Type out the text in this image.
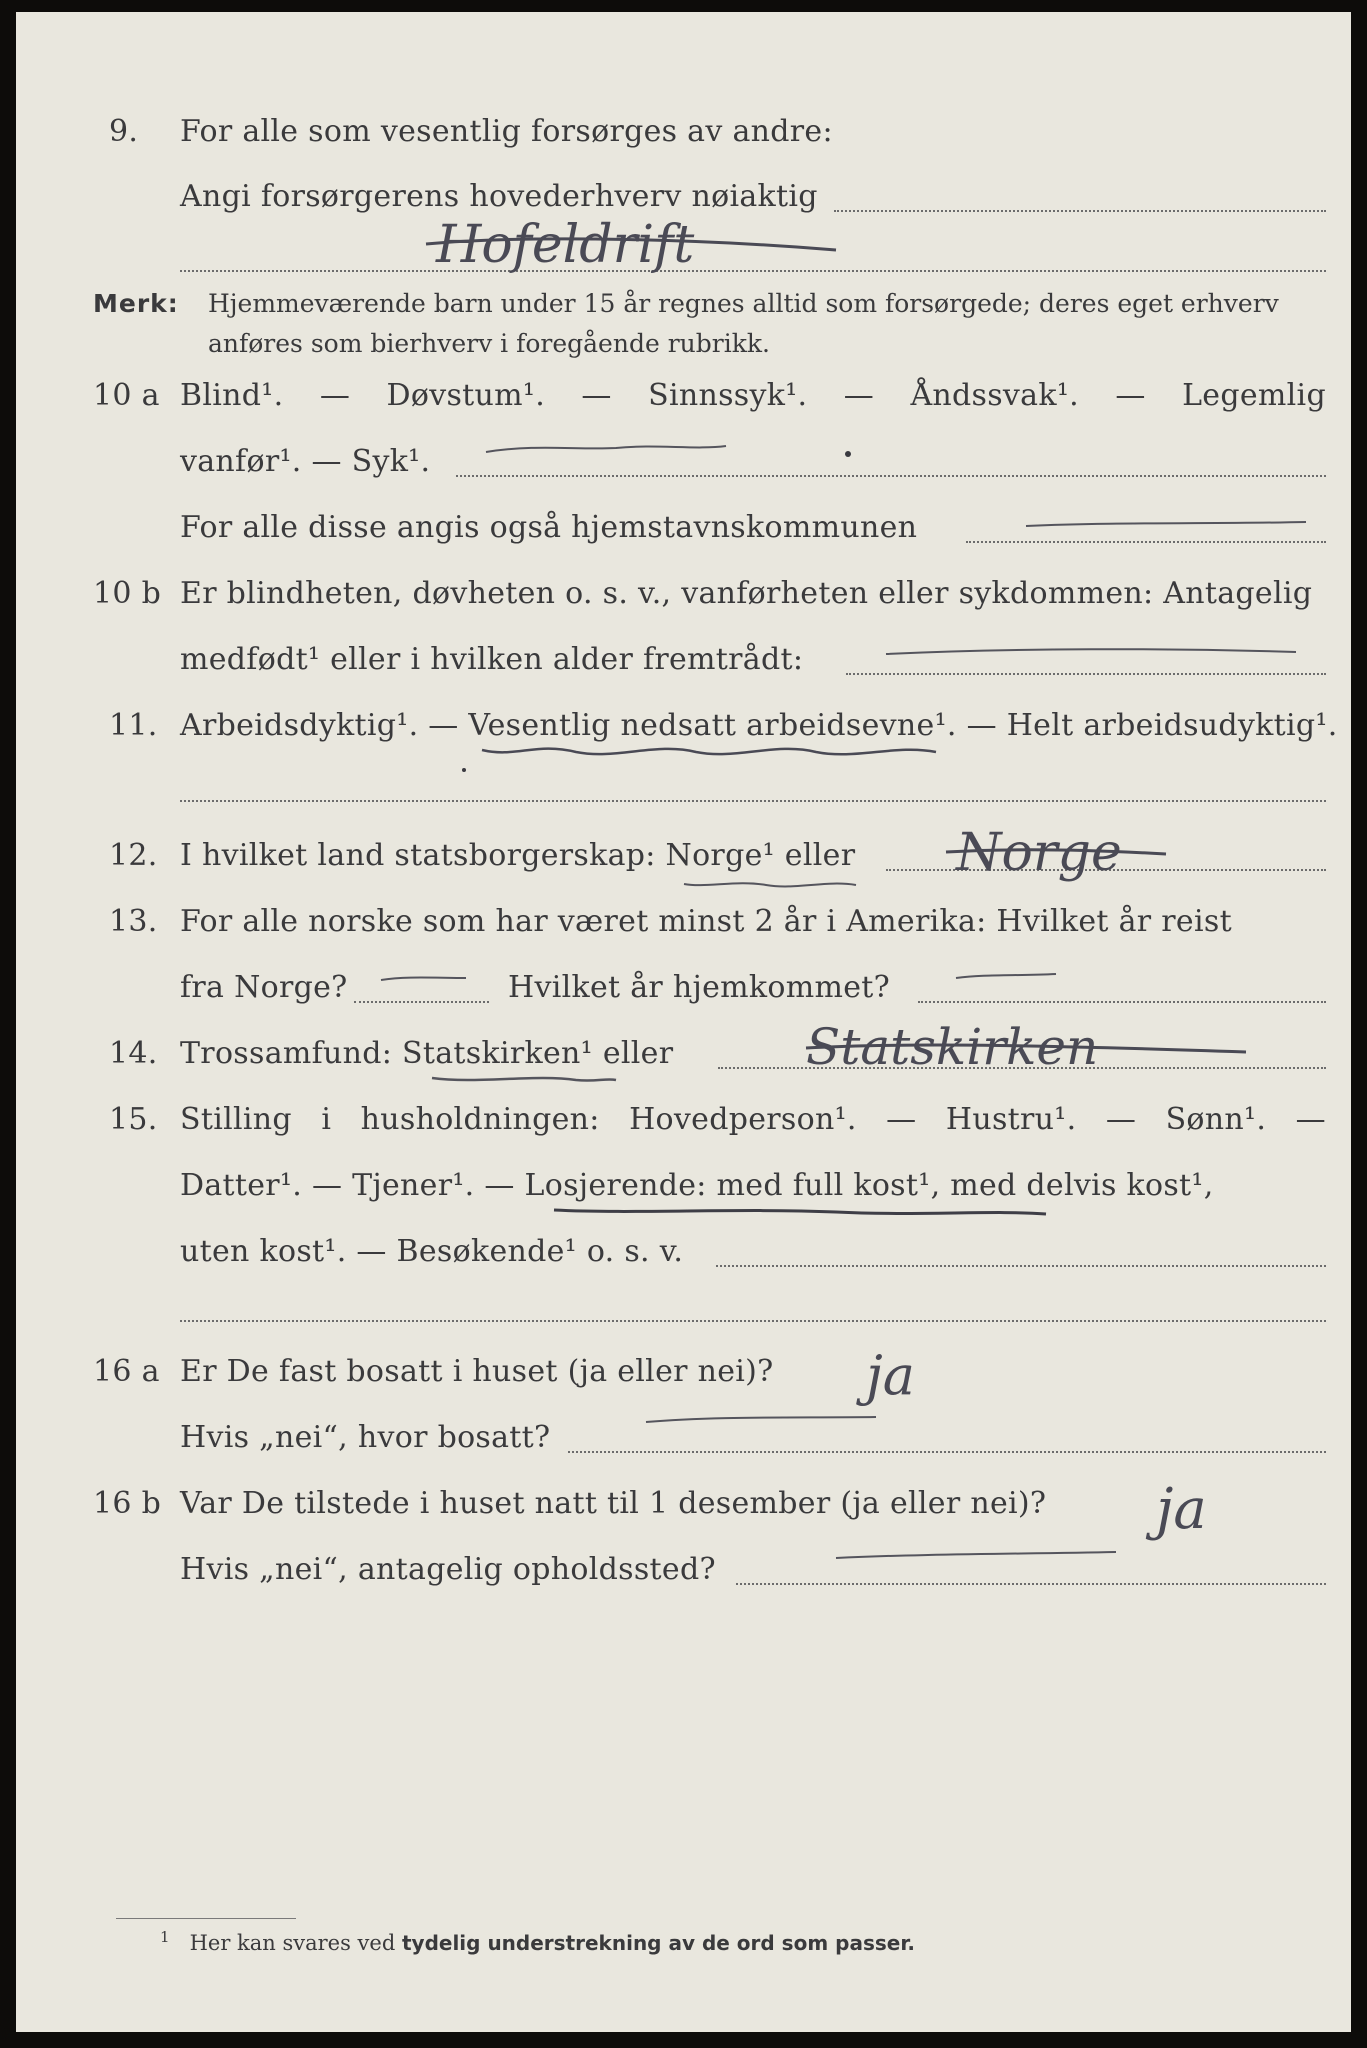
9. For alle som vesentlig forsørges av andre:
Angi forsørgerens hovederhverv nøiaktig
Merk: Hjemmeværende barn under 15 år regnes alltid som forsørgede; deres eget erhverv
anføres som bierhverv i foregående rubrikk.
10 a Blind¹. — Døvstum¹. — Sinnssyk¹. — Åndssvak¹. — Legemlig
vanfør¹. — Syk¹.
For alle disse angis også hjemstavnskommunen
10 b Er blindheten, døvheten o. s. v., vanførheten eller sykdommen: Antagelig
medfødt¹ eller i hvilken alder fremtrådt:
11. Arbeidsdyktig¹. — Vesentlig nedsatt arbeidsevne¹. — Helt arbeidsudyktig¹.
12. I hvilket land statsborgerskap: Norge¹ eller
13. For alle norske som har været minst 2 år i Amerika: Hvilket år reist
fra Norge?	Hvilket år hjemkommet?
14. Trossamfund: Statskirken¹ eller
15. Stilling i husholdningen: Hovedperson¹. — Hustru¹. — Sønn¹. —
Datter¹. — Tjener¹. — Losjerende: med full kost¹, med delvis kost¹,
uten kost¹. — Besøkende¹ o. s. v.
16 a Er De fast bosatt i huset (ja eller nei)?
Hvis „nei“, hvor bosatt?
16 b Var De tilstede i huset natt til 1 desember (ja eller nei)?
Hvis „nei“, antagelig opholdssted?
$^1$ Her kan svares ved tydelig understrekning av de ord som passer.
Hofeldrift
Norge
Statskirken
ja
ja
